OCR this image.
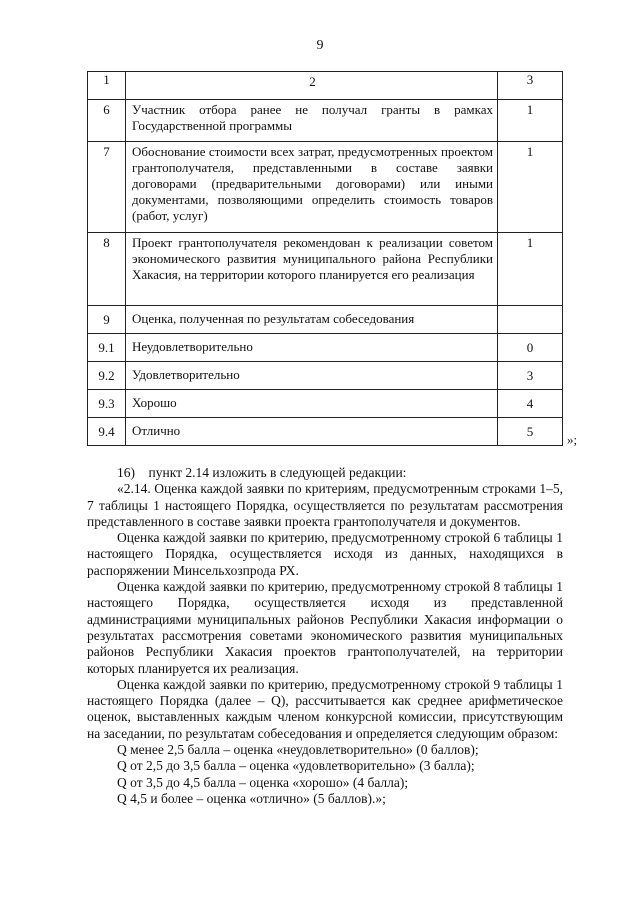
9
1	2	3

6	Участник отбора ранее не получал гранты в рамках Государственной программы	1

7	Обоснование стоимости всех затрат, предусмотренных проектом грантополучателя, представленными в составе заявки договорами (предварительными договорами) или иными документами, позволяющими определить стоимость товаров (работ, услуг)	1

8	Проект грантополучателя рекомендован к реализации советом экономического развития муниципального района Республики Хакасия, на территории которого планируется его реализация	1

9	Оценка, полученная по результатам собеседования	
9.1	Неудовлетворительно	0
9.2	Удовлетворительно	3
9.3	Хорошо	4
9.4	Отлично	5
»;

16)    пункт 2.14 изложить в следующей редакции:

«2.14. Оценка каждой заявки по критериям, предусмотренным строками 1–5, 7 таблицы 1 настоящего Порядка, осуществляется по результатам рассмотрения представленного в составе заявки проекта грантополучателя и документов.

Оценка каждой заявки по критерию, предусмотренному строкой 6 таблицы 1 настоящего Порядка, осуществляется исходя из данных, находящихся в распоряжении Минсельхозпрода РХ.

Оценка каждой заявки по критерию, предусмотренному строкой 8 таблицы 1 настоящего Порядка, осуществляется исходя из представленной администрациями муниципальных районов Республики Хакасия информации о результатах рассмотрения советами экономического развития муниципальных районов Республики Хакасия проектов грантополучателей, на территории которых планируется их реализация.

Оценка каждой заявки по критерию, предусмотренному строкой 9 таблицы 1 настоящего Порядка (далее – Q), рассчитывается как среднее арифметическое оценок, выставленных каждым членом конкурсной комиссии, присутствующим на заседании, по результатам собеседования и определяется следующим образом:

Q менее 2,5 балла – оценка «неудовлетворительно» (0 баллов);

Q от 2,5 до 3,5 балла – оценка «удовлетворительно» (3 балла);

Q от 3,5 до 4,5 балла – оценка «хорошо» (4 балла);

Q 4,5 и более – оценка «отлично» (5 баллов).»;
